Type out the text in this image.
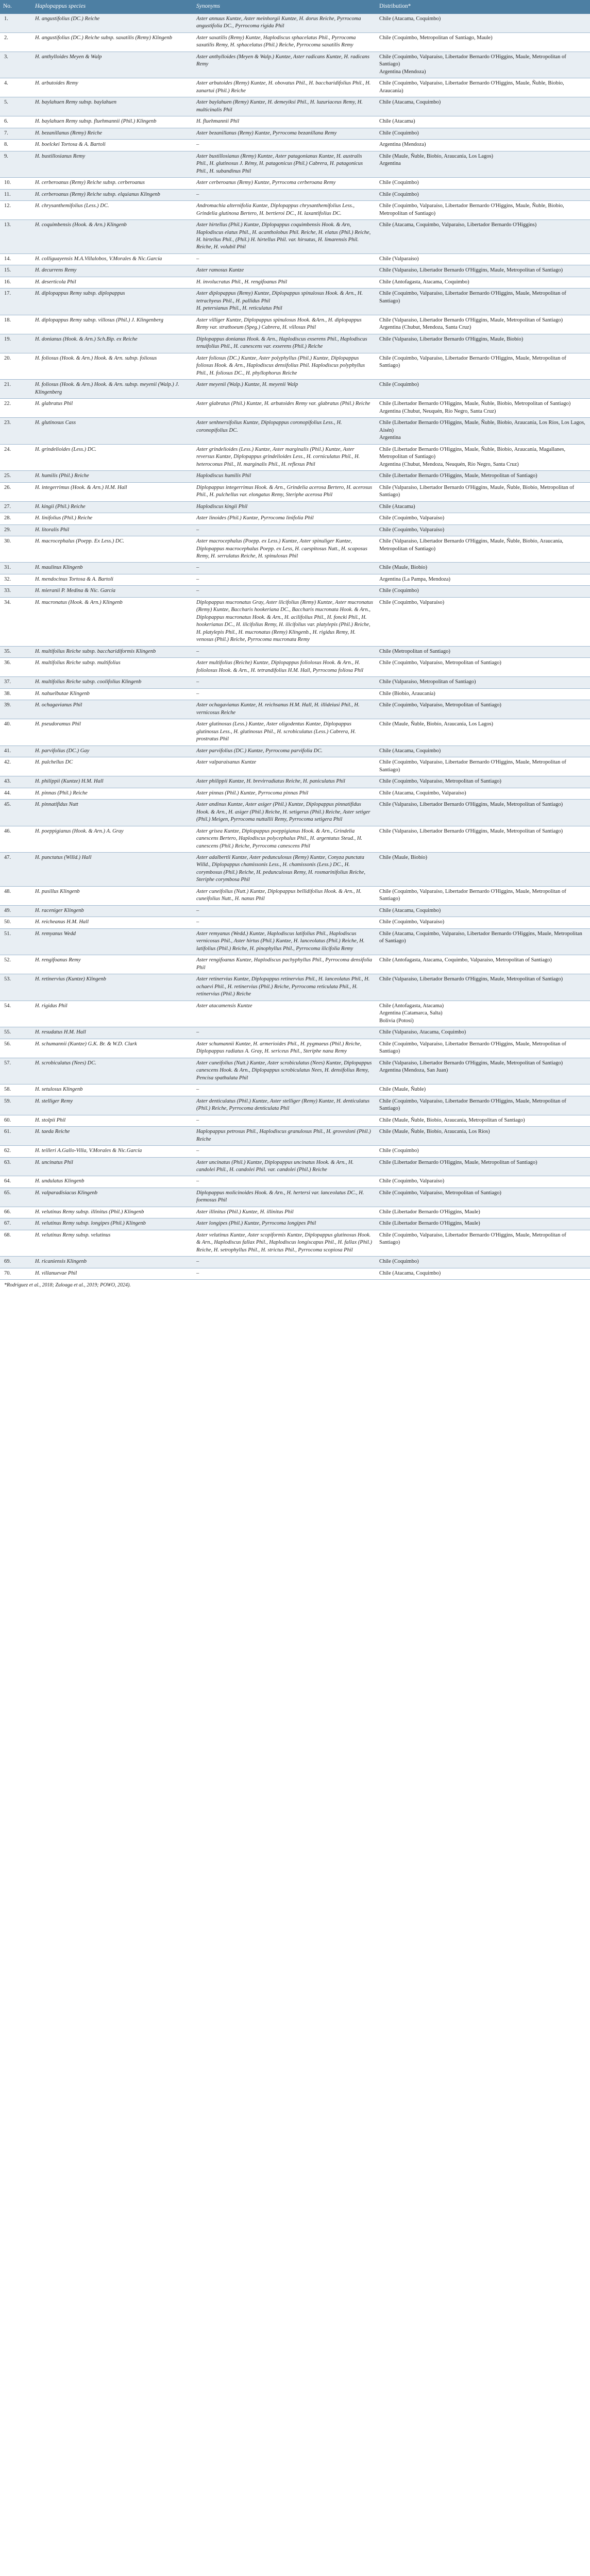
No.	Haplopappus species	Synonyms	Distribution*
1.	H. angustifolius (DC.) Reiche	Aster annuus Kuntze, Aster meinhorgii Kuntze, H. dorus Reiche, Pyrrocoma angustifolia DC., Pyrrocoma rigida Phil	Chile (Atacama, Coquimbo)
2.	H. angustifolius (DC.) Reiche subsp. saxatilis (Remy) Klingenb	Aster saxatilis (Remy) Kuntze, Haplodiscus sphacelatus Phil., Pyrrocoma saxatilis Remy, H. sphacelatus (Phil.) Reiche, Pyrrocoma saxatilis Remy	Chile (Coquimbo, Metropolitan of Santiago, Maule)
3.	H. anthylloides Meyen & Walp	Aster anthylloides (Meyen & Walp.) Kuntze, Aster radicans Kuntze, H. radicans Remy	Chile (Coquimbo, Valparaíso, Libertador Bernardo O'Higgins, Maule, Metropolitan of Santiago)
Argentina (Mendoza)
4.	H. arbutoides Remy	Aster arbutoides (Remy) Kuntze, H. obovatus Phil., H. baccharidifolius Phil., H. zanartui (Phil.) Reiche	Chile (Coquimbo, Valparaíso, Libertador Bernardo O'Higgins, Maule, Ñuble, Biobío, Araucanía)
5.	H. baylahuen Remy subsp. baylahuen	Aster baylahuen (Remy) Kuntze, H. demeyiksi Phil., H. luzuriaceus Remy, H. multicinalis Phil	Chile (Atacama, Coquimbo)
6.	H. baylahuen Remy subsp. fluehmannii (Phil.) Klingenb	H. fluehmannii Phil	Chile (Atacama)
7.	H. bezanillanus (Remy) Reiche	Aster bezanillanus (Remy) Kuntze, Pyrrocoma bezanillana Remy	Chile (Coquimbo)
8.	H. boelckei Tortosa & A. Bartoli	–	Argentina (Mendoza)
9.	H. bustillosianus Remy	Aster bustillosianus (Remy) Kuntze, Aster patagonianus Kuntze, H. australis Phil., H. glutinosus J. Rémy, H. patagonicus (Phil.) Cabrera, H. patagonicus Phil., H. subandinus Phil	Chile (Maule, Ñuble, Biobío, Araucanía, Los Lagos)
Argentina
10.	H. cerberoanus (Remy) Reiche subsp. cerberoanus	Aster cerberoanus (Remy) Kuntze, Pyrrocoma cerberoana Remy	Chile (Coquimbo)
11.	H. cerberoanus (Remy) Reiche subsp. elquianus Klingenb	–	Chile (Coquimbo)
12.	H. chrysanthemifolius (Less.) DC.	Andromachia alternifolia Kuntze, Diplopappus chrysanthemifolius Less., Grindelia glutinosa Bertero, H. bertieroi DC., H. laxantifolius DC.	Chile (Coquimbo, Valparaíso, Libertador Bernardo O'Higgins, Maule, Ñuble, Biobío, Metropolitan of Santiago)
13.	H. coquimbensis (Hook. & Arn.) Klingenb	Aster hirtellus (Phil.) Kuntze, Diplopappus coquimbensis Hook. & Arn, Haplodiscus elatus Phil., H. acantholobus Phil. Reiche, H. elatus (Phil.) Reiche, H. hirtellus Phil., (Phil.) H. hirtellus Phil. var. hirsutus, H. limarensis Phil. Reiche, H. volubil Phil	Chile (Atacama, Coquimbo, Valparaíso, Libertador Bernardo O'Higgins)
14.	H. colliguayensis M.A.Villalobos, V.Morales & Nic.García	–	Chile (Valparaíso)
15.	H. decurrens Remy	Aster ramosus Kuntze	Chile (Valparaíso, Libertador Bernardo O'Higgins, Maule, Metropolitan of Santiago)
16.	H. deserticola Phil	H. involucratus Phil., H. rengifoanus Phil	Chile (Antofagasta, Atacama, Coquimbo)
17.	H. diplopappus Remy subsp. diplopappus	Aster diplopappus (Remy) Kuntze, Diplopappus spinulosus Hook. & Arn., H. tetrachyeus Phil., H. pallidus Phil
H. petersianus Phil., H. reticulatus Phil	Chile (Coquimbo, Valparaíso, Libertador Bernardo O'Higgins, Maule, Metropolitan of Santiago)
18.	H. diplopappus Remy subsp. villosus (Phil.) J. Klingenberg	Aster villiger Kuntze, Diplopappus spinulosus Hook. &Arn., H. diplopappus Remy var. strathoeum (Speg.) Cabrera, H. villosus Phil	Chile (Valparaíso, Libertador Bernardo O'Higgins, Maule, Metropolitan of Santiago)
Argentina (Chubut, Mendoza, Santa Cruz)
19.	H. donianus (Hook. & Arn.) Sch.Bip. ex Reiche	Diplopappus donianus Hook. & Arn., Haplodiscus exserens Phil., Haplodiscus tenuifolius Phil., H. canescens var. exserens (Phil.) Reiche	Chile (Valparaíso, Libertador Bernardo O'Higgins, Maule, Biobío)
20.	H. foliosus (Hook. & Arn.) Hook. & Arn. subsp. foliosus	Aster foliosus (DC.) Kuntze, Aster polyphyllus (Phil.) Kuntze, Diplopappus foliosus Hook. & Arn., Haplodiscus densifolius Phil. Haplodiscus polyphyllus Phil., H. foliosus DC., H. phyllophorus Reiche	Chile (Coquimbo, Valparaíso, Libertador Bernardo O'Higgins, Maule, Metropolitan of Santiago)
21.	H. foliosus (Hook. & Arn.) Hook. & Arn. subsp. meyenii (Walp.) J. Klingenberg	Aster meyenii (Walp.) Kuntze, H. meyenii Walp	Chile (Coquimbo)
22.	H. glabratus Phil	Aster glabratus (Phil.) Kuntze, H. arbutoides Remy var. glabratus (Phil.) Reiche	Chile (Libertador Bernardo O'Higgins, Maule, Ñuble, Biobío, Metropolitan of Santiago)
Argentina (Chubut, Neuquén, Río Negro, Santa Cruz)
23.	H. glutinosus Cass	Aster senhnersifolius Kuntze, Diplopappus coronopifolius Less., H. coronopifolius DC.	Chile (Libertador Bernardo O'Higgins, Maule, Ñuble, Biobío, Araucanía, Los Ríos, Los Lagos, Aisén)
Argentina
24.	H. grindelioides (Less.) DC.	Aster grindelioides (Less.) Kuntze, Aster marginalis (Phil.) Kuntze, Aster reversus Kuntze, Diplopappus grindelioides Less., H. corniculatus Phil., H. heteroconus Phil., H. marginalis Phil., H. reflexus Phil	Chile (Libertador Bernardo O'Higgins, Maule, Ñuble, Biobío, Araucanía, Magallanes, Metropolitan of Santiago)
Argentina (Chubut, Mendoza, Neuquén, Río Negro, Santa Cruz)
25.	H. humilis (Phil.) Reiche	Haplodiscus humilis Phil	Chile (Libertador Bernardo O'Higgins, Maule, Metropolitan of Santiago)
26.	H. integerrimus (Hook. & Arn.) H.M. Hall	Diplopappus integerrimus Hook. & Arn., Grindelia acerosa Bertero, H. acerosus Phil., H. pulchellus var. elongatus Remy, Steriphe acerosa Phil	Chile (Valparaíso, Libertador Bernardo O'Higgins, Maule, Ñuble, Biobío, Metropolitan of Santiago)
27.	H. kingii (Phil.) Reiche	Haplodiscus kingii Phil	Chile (Atacama)
28.	H. linifolius (Phil.) Reiche	Aster linoides (Phil.) Kuntze, Pyrrocoma linifolia Phil	Chile (Coquimbo, Valparaíso)
29.	H. litoralis Phil	–	Chile (Coquimbo, Valparaíso)
30.	H. macrocephalus (Poepp. Ex Less.) DC.	Aster macrocephalus (Poepp. ex Less.) Kuntze, Aster spinuliger Kuntze, Diplopappus macrocephalus Poepp. ex Less, H. caespitosus Nutt., H. scaposus Remy, H. serrulatus Reiche, H. spinulosus Phil	Chile (Valparaíso, Libertador Bernardo O'Higgins, Maule, Ñuble, Biobío, Araucanía, Metropolitan of Santiago)
31.	H. maulinus Klingenb	–	Chile (Maule, Biobío)
32.	H. mendocinus Tortosa & A. Bartoli	–	Argentina (La Pampa, Mendoza)
33.	H. mieranii P. Medina & Nic. García	–	Chile (Coquimbo)
34.	H. mucronatus (Hook. & Arn.) Klingenb	Diplopappus mucronatus Gray, Aster ilicifolius (Remy) Kuntze, Aster mucronatus (Remy) Kuntze, Baccharis hookeriana DC., Baccharis mucronata Hook. & Arn., Diplopappus mucronatus Hook. & Arn., H. acilifolius Phil., H. foncki Phil., H. hookerianus DC., H. ilicifolius Remy, H. ilicifolius var. platylepis (Phil.) Reiche, H. platylepis Phil., H. mucronatus (Remy) Klingenb., H. rigidus Remy, H. venosus (Phil.) Reiche, Pyrrocoma mucronata Remy	Chile (Coquimbo, Valparaíso)
35.	H. multifolius Reiche subsp. baccharidiformis Klingenb	–	Chile (Metropolitan of Santiago)
36.	H. multifolius Reiche subsp. multifolius	Aster multifolius (Reiche) Kuntze, Diplopappus foliolosus Hook. & Arn., H. foliolosus Hook. & Arn., H. tetrandifolius H.M. Hall, Pyrrocoma foliosa Phil	Chile (Coquimbo, Valparaíso, Metropolitan of Santiago)
37.	H. multifolius Reiche subsp. coolifolius Klingenb	–	Chile (Valparaíso, Metropolitan of Santiago)
38.	H. nahuelbutae Klingenb	–	Chile (Biobío, Araucanía)
39.	H. ochagavianus Phil	Aster ochagavianus Kuntze, H. reichsanus H.M. Hall, H. illideiusi Phil., H. vernicosus Reiche	Chile (Coquimbo, Valparaíso, Metropolitan of Santiago)
40.	H. pseudoramus Phil	Aster glutinosus (Less.) Kuntze, Aster oligodentus Kuntze, Diplopappus glutinosus Less., H. glutinosus Phil., H. scrobiculatus (Less.) Cabrera, H. prostratus Phil	Chile (Maule, Ñuble, Biobío, Araucanía, Los Lagos)
41.	H. parvifolius (DC.) Gay	Aster parvifolius (DC.) Kuntze, Pyrrocoma parvifolia DC.	Chile (Atacama, Coquimbo)
42.	H. pulchellus DC	Aster valparaisanus Kuntze	Chile (Coquimbo, Valparaíso, Libertador Bernardo O'Higgins, Maule, Metropolitan of Santiago)
43.	H. philippii (Kuntze) H.M. Hall	Aster philippii Kuntze, H. brevirradiatus Reiche, H. paniculatus Phil	Chile (Coquimbo, Valparaíso, Metropolitan of Santiago)
44.	H. pinnas (Phil.) Reiche	Aster pinnas (Phil.) Kuntze, Pyrrocoma pinnas Phil	Chile (Atacama, Coquimbo, Valparaíso)
45.	H. pinnatifidus Nutt	Aster andinus Kuntze, Aster asiger (Phil.) Kuntze, Diplopappus pinnatifidus Hook. & Arn., H. asiger (Phil.) Reiche, H. setigerus (Phil.) Reiche, Aster setiger (Phil.) Meigen, Pyrrocoma nuttallii Remy, Pyrrocoma setigera Phil	Chile (Valparaíso, Libertador Bernardo O'Higgins, Maule, Metropolitan of Santiago)
46.	H. poeppigianus (Hook. & Arn.) A. Gray	Aster grisea Kuntze, Diplopappus poeppigianus Hook. & Arn., Grindelia canescens Bertero, Haplodiscus polycephalus Phil., H. argentatus Steud., H. canescens (Phil.) Reiche, Pyrrocoma canescens Phil	Chile (Valparaíso, Libertador Bernardo O'Higgins, Maule, Metropolitan of Santiago)
47.	H. punctatus (Willd.) Hall	Aster adalbertii Kuntze, Aster pedunculosus (Remy) Kuntze, Conyza punctata Willd., Diplopappus chamissonis Less., H. chamissonis (Less.) DC., H. corymbosus (Phil.) Reiche, H. pedunculosus Remy, H. rosmarinifolius Reiche, Steriphe corymbosa Phil	Chile (Maule, Biobío)
48.	H. pusillus Klingenb	Aster cuneifolius (Nutt.) Kuntze, Diplopappus bellidifolius Hook. & Arn., H. cuneifolius Nutt., H. nanus Phil	Chile (Coquimbo, Valparaíso, Libertador Bernardo O'Higgins, Maule, Metropolitan of Santiago)
49.	H. raceniger Klingenb	–	Chile (Atacama, Coquimbo)
50.	H. reicheanus H.M. Hall	–	Chile (Coquimbo, Valparaíso)
51.	H. remyanus Wedd	Aster remyanus (Wedd.) Kuntze, Haplodiscus latifolius Phil., Haplodiscus vernicosus Phil., Aster hirtus (Phil.) Kuntze, H. lanceolatus (Phil.) Reiche, H. latifolius (Phil.) Reiche, H. pinophyllus Phil., Pyrrocoma ilicifolia Remy	Chile (Atacama, Coquimbo, Valparaíso, Libertador Bernardo O'Higgins, Maule, Metropolitan of Santiago)
52.	H. rengifoanus Remy	Aster rengifoanus Kuntze, Haplodiscus pachyphyllus Phil., Pyrrocoma densifolia Phil	Chile (Antofagasta, Atacama, Coquimbo, Valparaíso, Metropolitan of Santiago)
53.	H. retinervius (Kuntze) Klingenb	Aster retinervius Kuntze, Diplopappus retinervius Phil., H. lanceolatus Phil., H. ochaevi Phil., H. retinervius (Phil.) Reiche, Pyrrocoma reticulata Phil., H. retinervius (Phil.) Reiche	Chile (Valparaíso, Libertador Bernardo O'Higgins, Maule, Metropolitan of Santiago)
54.	H. rigidus Phil	Aster atacamensis Kuntze	Chile (Antofagasta, Atacama)
Argentina (Catamarca, Salta)
Bolivia (Potosí)
55.	H. resudatus H.M. Hall	–	Chile (Valparaíso, Atacama, Coquimbo)
56.	H. schumannii (Kuntze) G.K. Br. & W.D. Clark	Aster schumannii Kuntze, H. armerioides Phil., H. pygmaeus (Phil.) Reiche, Diplopappus radiatus A. Gray, H. sericeus Phil., Steriphe nana Remy	Chile (Coquimbo, Valparaíso, Libertador Bernardo O'Higgins, Maule, Metropolitan of Santiago)
57.	H. scrobiculatus (Nees) DC.	Aster cuneifolius (Nutt.) Kuntze, Aster scrobiculatus (Nees) Kuntze, Diplopappus canescens Hook. & Arn., Diplopappus scrobiculatus Nees, H. densifolius Remy, Pencisa spathulata Phil	Chile (Valparaíso, Libertador Bernardo O'Higgins, Maule, Metropolitan of Santiago)
Argentina (Mendoza, San Juan)
58.	H. setulosus Klingenb	–	Chile (Maule, Ñuble)
59.	H. stelliger Remy	Aster denticulatus (Phil.) Kuntze, Aster stelliger (Remy) Kuntze, H. denticulatus (Phil.) Reiche, Pyrrocoma denticulata Phil	Chile (Coquimbo, Valparaíso, Libertador Bernardo O'Higgins, Maule, Metropolitan of Santiago)
60.	H. stolpii Phil	–	Chile (Maule, Ñuble, Biobío, Araucanía, Metropolitan of Santiago)
61.	H. taeda Reiche	Haplopappus petrosus Phil., Haplodiscus granulosus Phil., H. grovesloni (Phil.) Reiche	Chile (Maule, Ñuble, Biobío, Araucanía, Los Ríos)
62.	H. teilleri A.Gallo-Villa, V.Morales & Nic.García	–	Chile (Coquimbo)
63.	H. uncinatus Phil	Aster uncinatus (Phil.) Kuntze, Diplopappus uncinatus Hook. & Arn., H. candolei Phil., H. candolei Phil. var. candolei (Phil.) Reiche	Chile (Libertador Bernardo O'Higgins, Maule, Metropolitan of Santiago)
64.	H. undulatus Klingenb	–	Chile (Coquimbo, Valparaíso)
65.	H. valparadisiacus Klingenb	Diplopappus molicinoides Hook. & Arn., H. hertersi var. lanceolatus DC., H. foemosus Phil	Chile (Coquimbo, Valparaíso, Metropolitan of Santiago)
66.	H. velutinus Remy subsp. illinitus (Phil.) Klingenb	Aster illinitus (Phil.) Kuntze, H. illinitus Phil	Chile (Libertador Bernardo O'Higgins, Maule)
67.	H. velutinus Remy subsp. longipes (Phil.) Klingenb	Aster longipes (Phil.) Kuntze, Pyrrocoma longipes Phil	Chile (Libertador Bernardo O'Higgins, Maule)
68.	H. velutinus Remy subsp. velutinus	Aster velutinus Kuntze, Aster scopiformis Kuntze, Diplopappus glutinosus Hook. & Arn., Haplodiscus fallax Phil., Haplodiscus longiscapus Phil., H. fallax (Phil.) Reiche, H. setrophyllus Phil., H. strictus Phil., Pyrrocoma scopiosa Phil	Chile (Coquimbo, Valparaíso, Libertador Bernardo O'Higgins, Maule, Metropolitan of Santiago)
69.	H. ricaniensis Klingenb	–	Chile (Coquimbo)
70.	H. villanuevae Phil	–	Chile (Atacama, Coquimbo)
*Rodriguez et al., 2018; Zuloaga et al., 2019; POWO, 2024).
